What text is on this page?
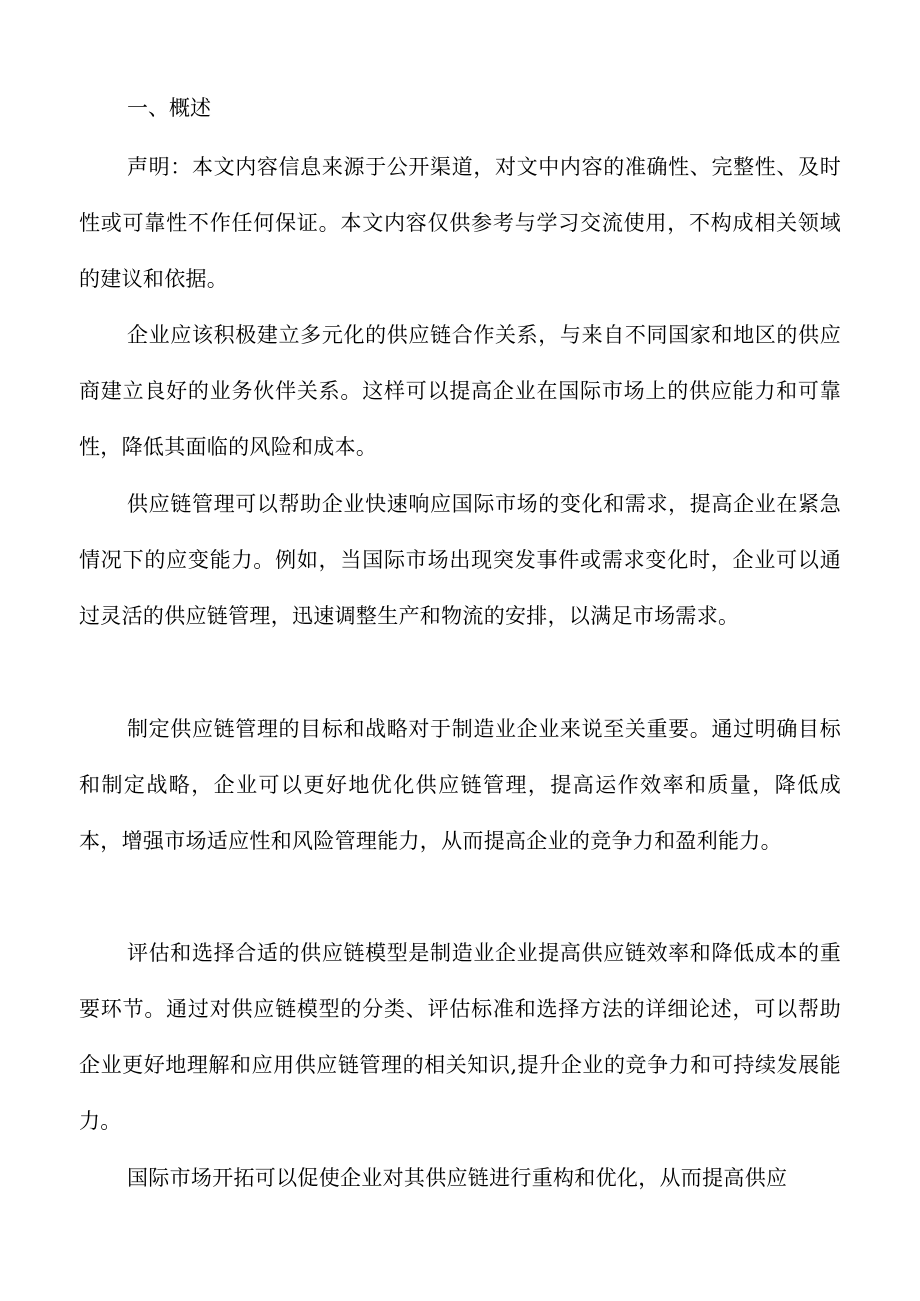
一、概述

声明：本文内容信息来源于公开渠道，对文中内容的准确性、完整性、及时性或可靠性不作任何保证。本文内容仅供参考与学习交流使用，不构成相关领域的建议和依据。

企业应该积极建立多元化的供应链合作关系，与来自不同国家和地区的供应商建立良好的业务伙伴关系。这样可以提高企业在国际市场上的供应能力和可靠性，降低其面临的风险和成本。

供应链管理可以帮助企业快速响应国际市场的变化和需求，提高企业在紧急情况下的应变能力。例如，当国际市场出现突发事件或需求变化时，企业可以通过灵活的供应链管理，迅速调整生产和物流的安排，以满足市场需求。

制定供应链管理的目标和战略对于制造业企业来说至关重要。通过明确目标和制定战略，企业可以更好地优化供应链管理，提高运作效率和质量，降低成本，增强市场适应性和风险管理能力，从而提高企业的竞争力和盈利能力。

评估和选择合适的供应链模型是制造业企业提高供应链效率和降低成本的重要环节。通过对供应链模型的分类、评估标准和选择方法的详细论述，可以帮助企业更好地理解和应用供应链管理的相关知识,提升企业的竞争力和可持续发展能力。

国际市场开拓可以促使企业对其供应链进行重构和优化，从而提高供应
